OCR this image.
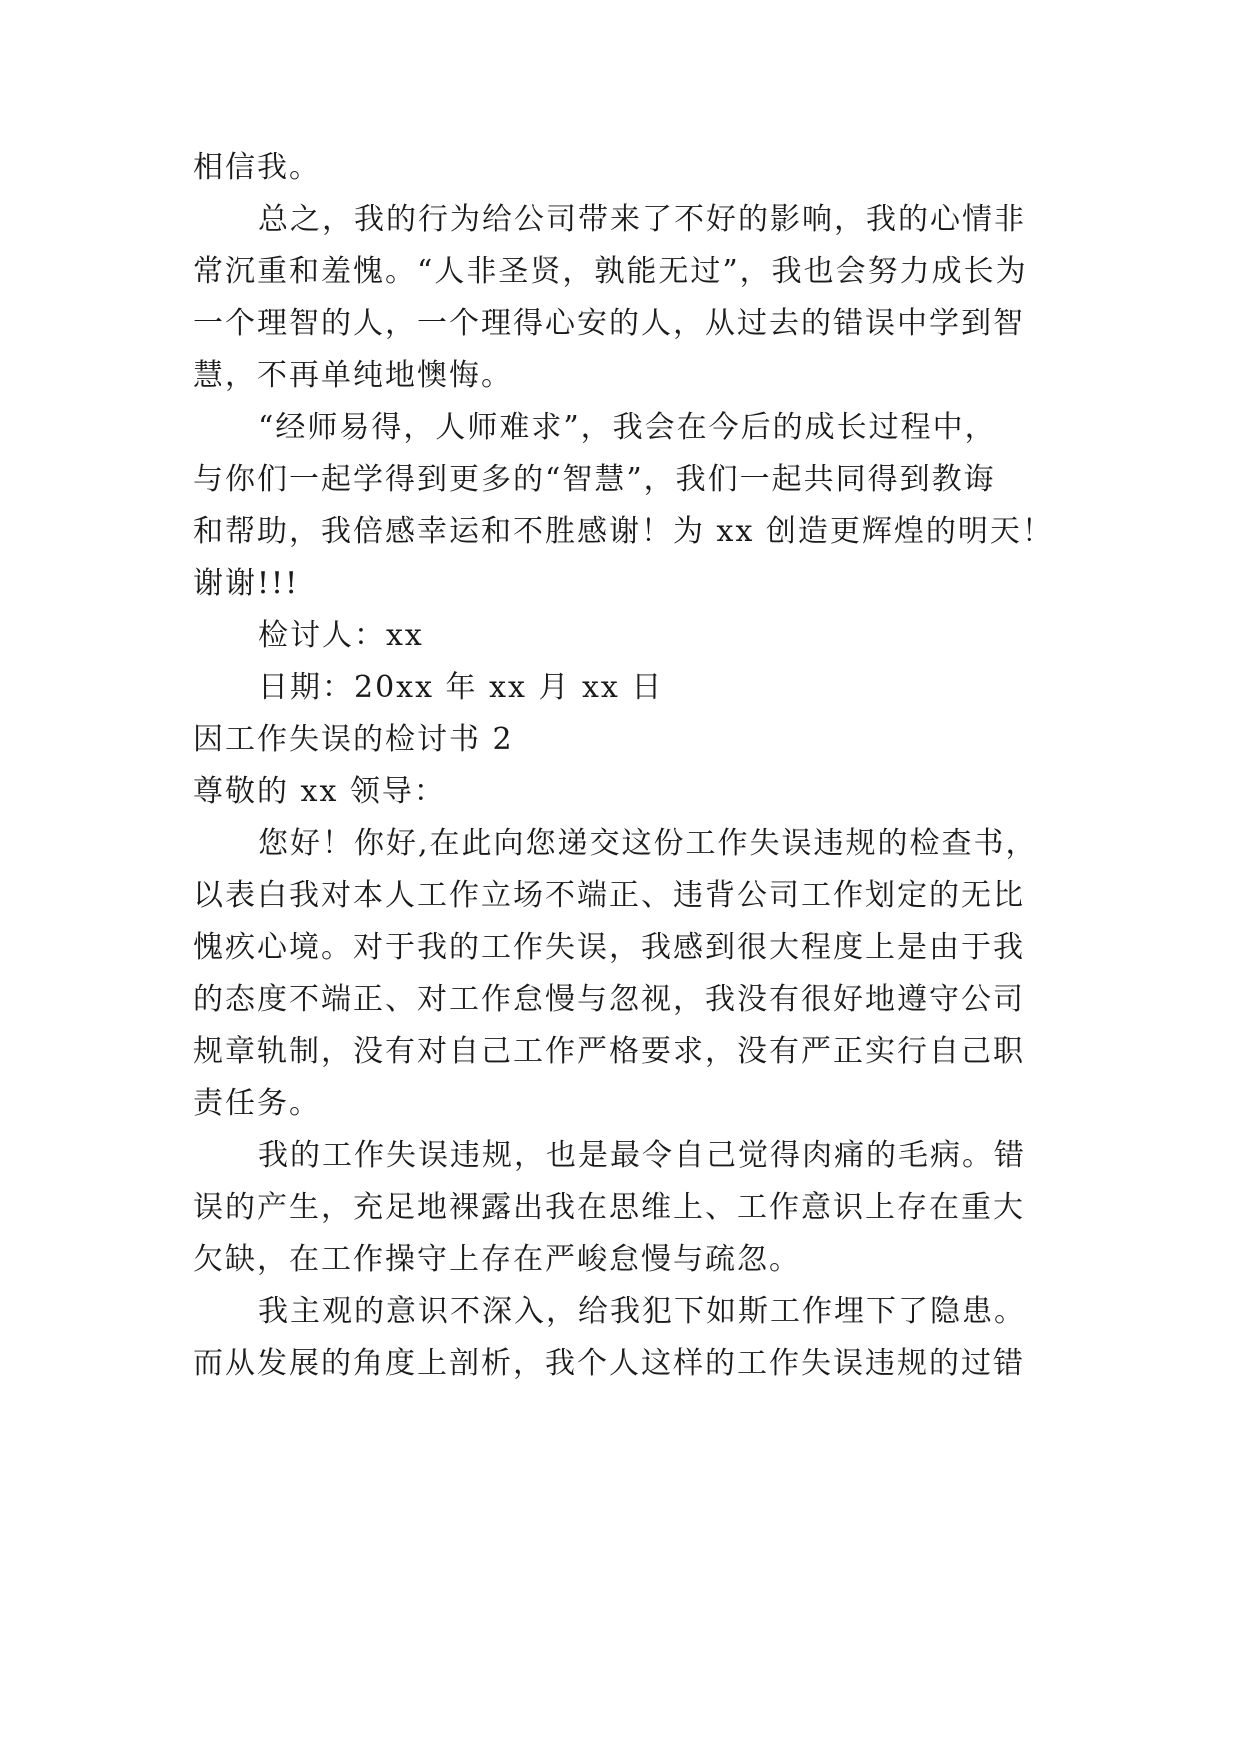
相信我。
总之，我的行为给公司带来了不好的影响，我的心情非
常沉重和羞愧。“人非圣贤，孰能无过”，我也会努力成长为
一个理智的人，一个理得心安的人，从过去的错误中学到智
慧，不再单纯地懊悔。
“经师易得，人师难求”，我会在今后的成长过程中，
与你们一起学得到更多的“智慧”，我们一起共同得到教诲
和帮助，我倍感幸运和不胜感谢！为 xx 创造更辉煌的明天！
谢谢!!!
检讨人：xx
日期：20xx 年 xx 月 xx 日
因工作失误的检讨书 2
尊敬的 xx 领导：
您好！你好,在此向您递交这份工作失误违规的检查书，
以表白我对本人工作立场不端正、违背公司工作划定的无比
愧疚心境。对于我的工作失误，我感到很大程度上是由于我
的态度不端正、对工作怠慢与忽视，我没有很好地遵守公司
规章轨制，没有对自己工作严格要求，没有严正实行自己职
责任务。
我的工作失误违规，也是最令自己觉得肉痛的毛病。错
误的产生，充足地裸露出我在思维上、工作意识上存在重大
欠缺，在工作操守上存在严峻怠慢与疏忽。
我主观的意识不深入，给我犯下如斯工作埋下了隐患。
而从发展的角度上剖析，我个人这样的工作失误违规的过错
